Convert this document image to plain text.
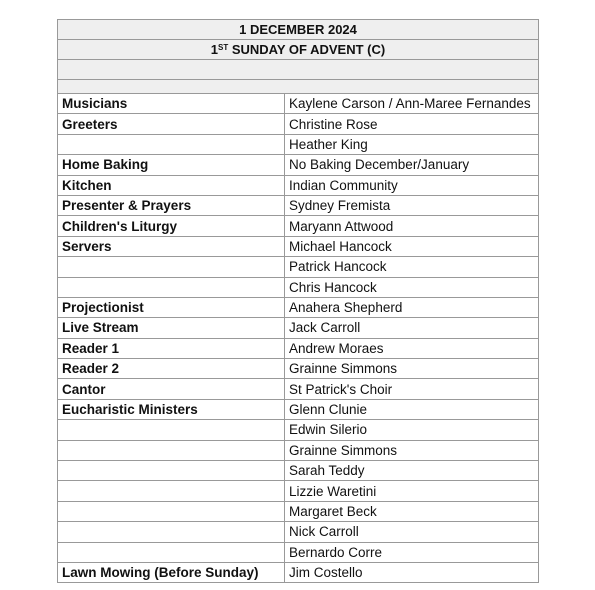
1 DECEMBER 2024
1ST SUNDAY OF ADVENT (C)
Musicians	Kaylene Carson / Ann-Maree Fernandes
Greeters	Christine Rose
	Heather King
Home Baking	No Baking December/January
Kitchen	Indian Community
Presenter & Prayers	Sydney Fremista
Children's Liturgy	Maryann Attwood
Servers	Michael Hancock
	Patrick Hancock
	Chris Hancock
Projectionist	Anahera Shepherd
Live Stream	Jack Carroll
Reader 1	Andrew Moraes
Reader 2	Grainne Simmons
Cantor	St Patrick's Choir
Eucharistic Ministers	Glenn Clunie
	Edwin Silerio
	Grainne Simmons
	Sarah Teddy
	Lizzie Waretini
	Margaret Beck
	Nick Carroll
	Bernardo Corre
Lawn Mowing (Before Sunday)	Jim Costello
